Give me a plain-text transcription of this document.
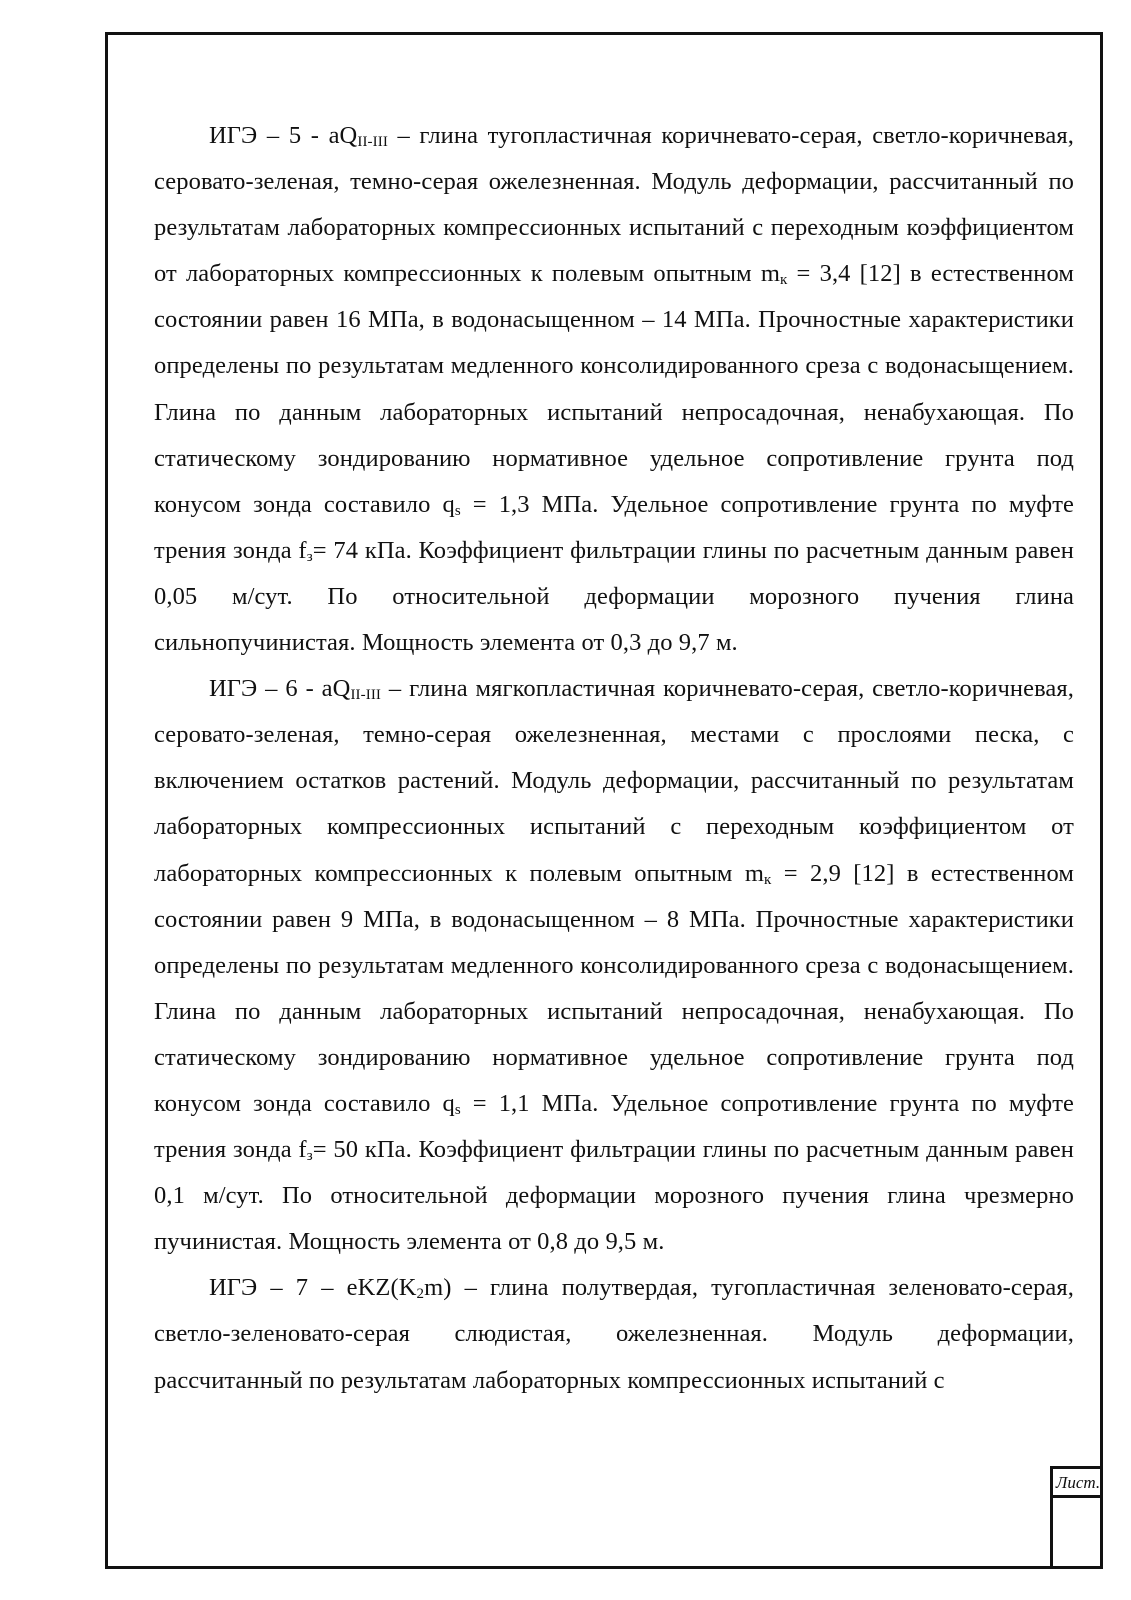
ИГЭ – $5 - aQ_{II-III}$ – глина тугопластичная коричневато-серая, светло-коричневая, серовато-зеленая, темно-серая ожелезненная. Модуль деформации, рассчитанный по результатам лабораторных компрессионных испытаний с переходным коэффициентом от лабораторных компрессионных к полевым опытным $m_к = 3,4$ [12] в естественном состоянии равен 16 МПа, в водонасыщенном – 14 МПа. Прочностные характеристики определены по результатам медленного консолидированного среза с водонасыщением. Глина по данным лабораторных испытаний непросадочная, ненабухающая. По статическому зондированию нормативное удельное сопротивление грунта под конусом зонда составило $q_s = 1,3$ МПа. Удельное сопротивление грунта по муфте трения зонда $f_з= 74$ кПа. Коэффициент фильтрации глины по расчетным данным равен 0,05 м/сут. По относительной деформации морозного пучения глина сильнопучинистая. Мощность элемента от 0,3 до 9,7 м.

ИГЭ – $6 - aQ_{II-III}$ – глина мягкопластичная коричневато-серая, светло-коричневая, серовато-зеленая, темно-серая ожелезненная, местами с прослоями песка, с включением остатков растений. Модуль деформации, рассчитанный по результатам лабораторных компрессионных испытаний с переходным коэффициентом от лабораторных компрессионных к полевым опытным $m_к = 2,9$ [12] в естественном состоянии равен 9 МПа, в водонасыщенном – 8 МПа. Прочностные характеристики определены по результатам медленного консолидированного среза с водонасыщением. Глина по данным лабораторных испытаний непросадочная, ненабухающая. По статическому зондированию нормативное удельное сопротивление грунта под конусом зонда составило $q_s = 1,1$ МПа. Удельное сопротивление грунта по муфте трения зонда $f_з= 50$ кПа. Коэффициент фильтрации глины по расчетным данным равен 0,1 м/сут. По относительной деформации морозного пучения глина чрезмерно пучинистая. Мощность элемента от 0,8 до 9,5 м.

ИГЭ – $7 - eKZ(K_2m)$ – глина полутвердая, тугопластичная зеленовато-серая, светло-зеленовато-серая слюдистая, ожелезненная. Модуль деформации, рассчитанный по результатам лабораторных компрессионных испытаний с

Лист.
